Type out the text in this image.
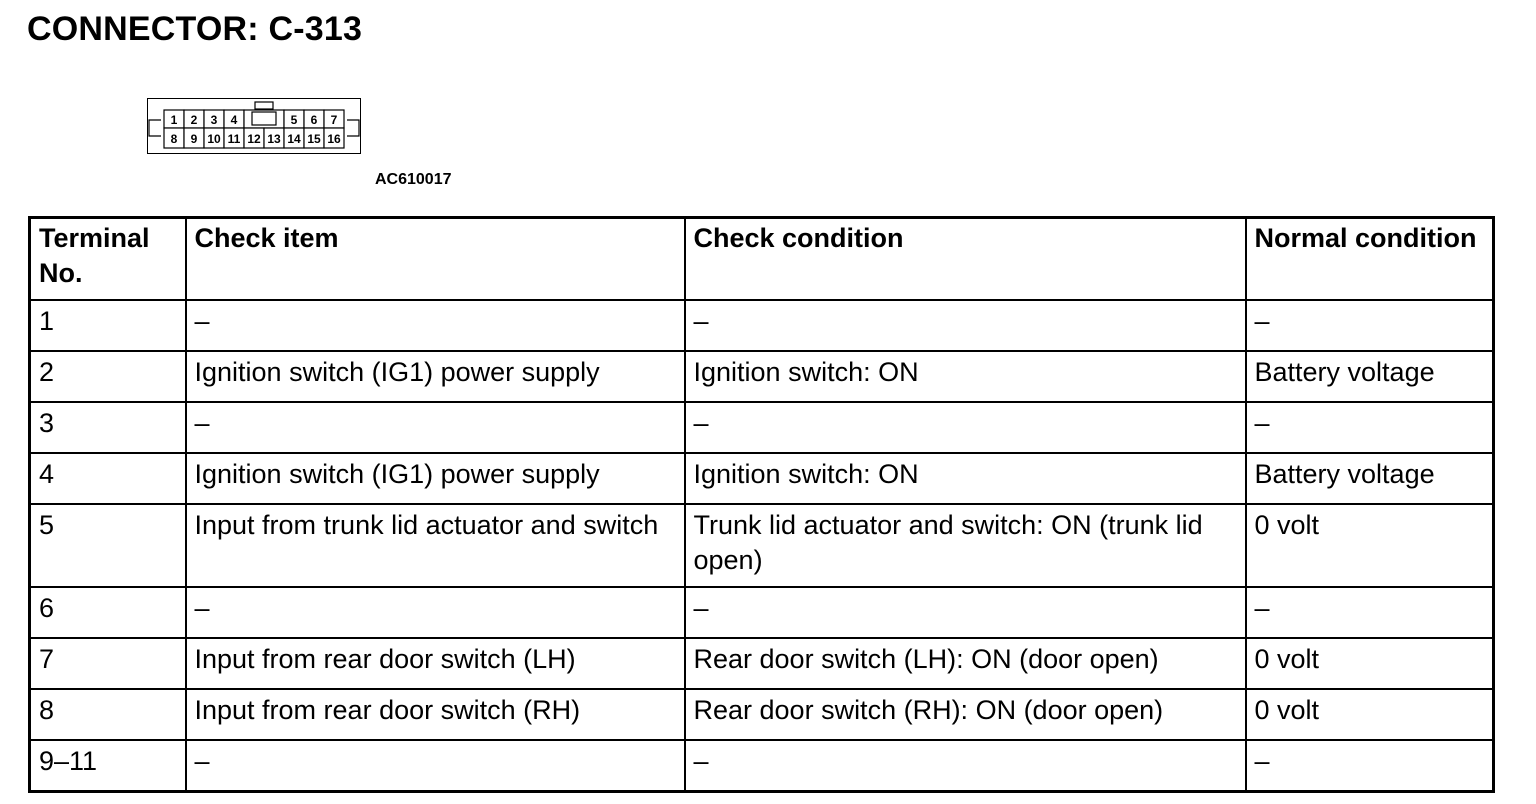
CONNECTOR: C-313
1 2 3 4	5 6 7
8 9 10 11 12 13 14 15 16
AC610017
Terminal No.	Check item	Check condition	Normal condition
1	–	–	–
2	Ignition switch (IG1) power supply	Ignition switch: ON	Battery voltage
3	–	–	–
4	Ignition switch (IG1) power supply	Ignition switch: ON	Battery voltage
5	Input from trunk lid actuator and switch	Trunk lid actuator and switch: ON (trunk lid open)	0 volt
6	–	–	–
7	Input from rear door switch (LH)	Rear door switch (LH): ON (door open)	0 volt
8	Input from rear door switch (RH)	Rear door switch (RH): ON (door open)	0 volt
9–11	–	–	–
